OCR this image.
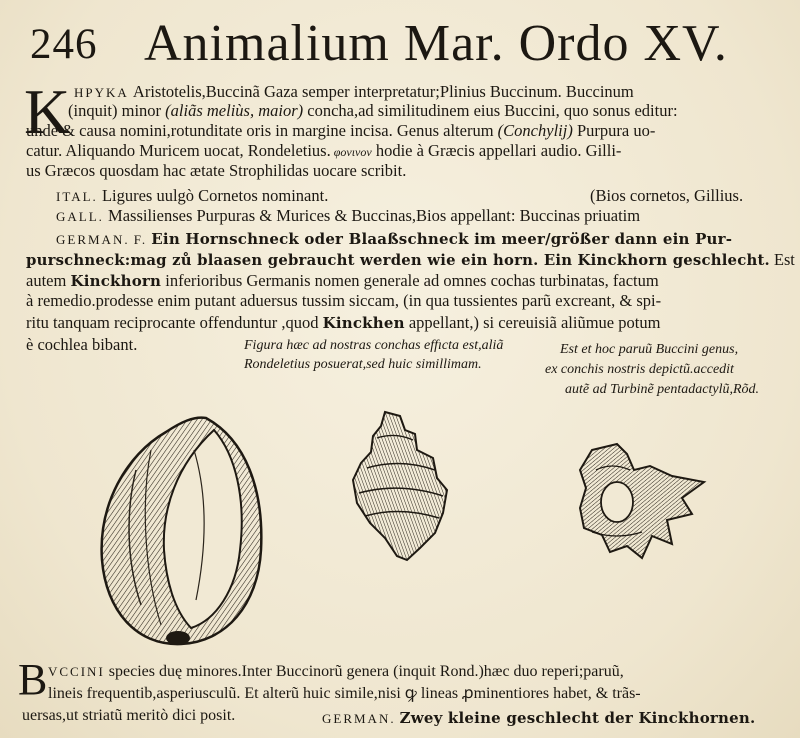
246 Animalium Mar. Ordo XV.
K ΗΡΥΚΑ Aristotelis,Buccinã Gaza semper interpretatur;Plinius Buccinum. Buccinum
(inquit) minor (aliãs meliùs, maior) concha,ad similitudinem eius Buccini, quo sonus editur:
unde & causa nomini,rotunditate oris in margine incisa. Genus alterum (Conchylij) Purpura uo-
catur. Aliquando Muricem uocat, Rondeletius. φονινον hodie à Græcis appellari audio. Gilli-
us Græcos quosdam hac ætate Strophilidas uocare scribit.
ITAL. Ligures uulgò Cornetos nominant.	(Bios cornetos, Gillius.
GALL. Massilienses Purpuras & Murices & Buccinas,Bios appellant: Buccinas priuatim
GERMAN. F. Ein Hornschneck oder Blaaßschneck im meer/größer dann ein Pur-
purschneck:mag zů blaasen gebraucht werden wie ein horn. Ein Kinckhorn geschlecht. Est
autem Kinckhorn inferioribus Germanis nomen generale ad omnes cochas turbinatas, factum
à remedio.prodesse enim putant aduersus tussim siccam, (in qua tussientes parũ excreant, & spi-
ritu tanquam reciprocante offenduntur ,quod Kinckhen appellant,) si cereuisiã aliũmue potum
è cochlea bibant.	Figura hæc ad nostras conchas effıcta est,aliã
Rondeletius posuerat,sed huic simillimam.
Est et hoc paruũ Buccini genus,
ex conchis nostris depictũ.accedit
autẽ ad Turbinẽ pentadactylũ,Rõd.
B VCCINI species duę minores.Inter Buccinorũ genera (inquit Rond.)hæc duo reperi;paruũ,
lineis frequentib,asperiusculũ. Et alterũ huic simile,nisi ꝙ lineas ꝓminentiores habet, & trãs-
uersas,ut striatũ meritò dici posit.	GERMAN. Zwey kleine geschlecht der Kinckhornen.
